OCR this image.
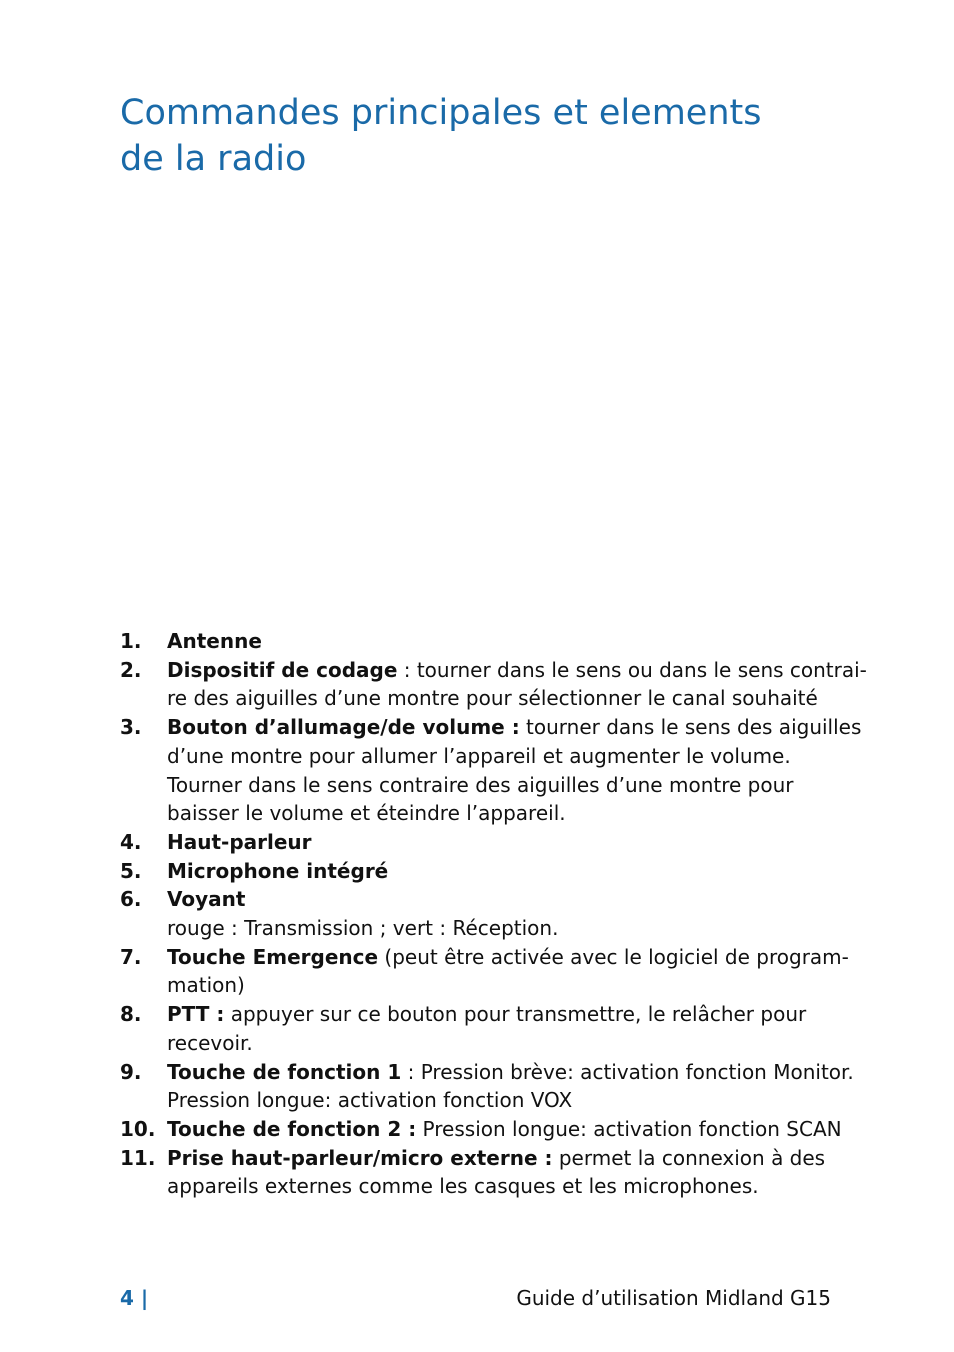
Commandes principales et elements
de la radio
1. Antenne
2. Dispositif de codage : tourner dans le sens ou dans le sens contrai-
re des aiguilles d’une montre pour sélectionner le canal souhaité
3. Bouton d’allumage/de volume : tourner dans le sens des aiguilles
d’une montre pour allumer l’appareil et augmenter le volume.
Tourner dans le sens contraire des aiguilles d’une montre pour
baisser le volume et éteindre l’appareil.
4. Haut-parleur
5. Microphone intégré
6. Voyant
rouge : Transmission ; vert : Réception.
7. Touche Emergence (peut être activée avec le logiciel de program-
mation)
8. PTT : appuyer sur ce bouton pour transmettre, le relâcher pour
recevoir.
9. Touche de fonction 1 : Pression brève: activation fonction Monitor.
Pression longue: activation fonction VOX
10. Touche de fonction 2 : Pression longue: activation fonction SCAN
11. Prise haut-parleur/micro externe : permet la connexion à des
appareils externes comme les casques et les microphones.
4 |	Guide d’utilisation Midland G15
